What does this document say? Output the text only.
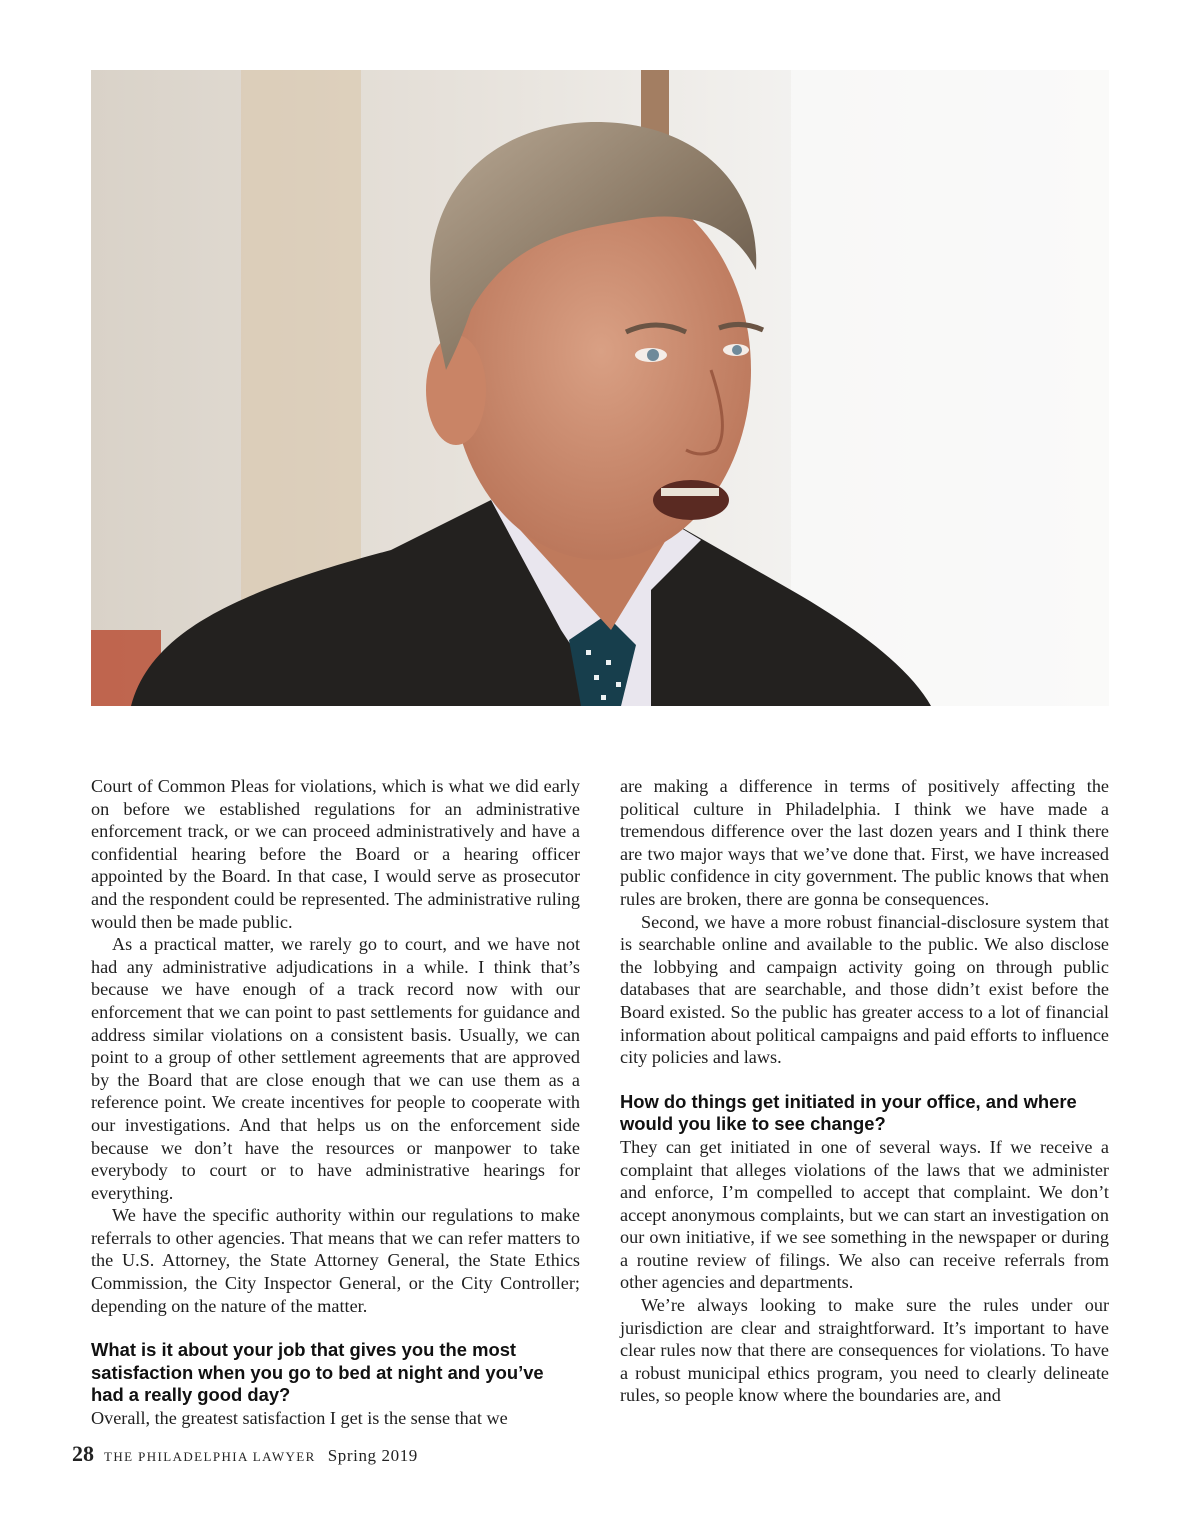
Court of Common Pleas for violations, which is what we did early on before we established regulations for an administrative enforcement track, or we can proceed administratively and have a confidential hearing before the Board or a hearing officer appointed by the Board. In that case, I would serve as prosecutor and the respondent could be represented. The administrative ruling would then be made public.

As a practical matter, we rarely go to court, and we have not had any administrative adjudications in a while. I think that’s because we have enough of a track record now with our enforcement that we can point to past settlements for guidance and address similar violations on a consistent basis. Usually, we can point to a group of other settlement agreements that are approved by the Board that are close enough that we can use them as a reference point. We create incentives for people to cooperate with our investigations. And that helps us on the enforcement side because we don’t have the resources or manpower to take everybody to court or to have administrative hearings for everything.

We have the specific authority within our regulations to make referrals to other agencies. That means that we can refer matters to the U.S. Attorney, the State Attorney General, the State Ethics Commission, the City Inspector General, or the City Controller; depending on the nature of the matter.

What is it about your job that gives you the most satisfaction when you go to bed at night and you’ve had a really good day?

Overall, the greatest satisfaction I get is the sense that we

are making a difference in terms of positively affecting the political culture in Philadelphia. I think we have made a tremendous difference over the last dozen years and I think there are two major ways that we’ve done that. First, we have increased public confidence in city government. The public knows that when rules are broken, there are gonna be consequences.

Second, we have a more robust financial-disclosure system that is searchable online and available to the public. We also disclose the lobbying and campaign activity going on through public databases that are searchable, and those didn’t exist before the Board existed. So the public has greater access to a lot of financial information about political campaigns and paid efforts to influence city policies and laws.

How do things get initiated in your office, and where would you like to see change?

They can get initiated in one of several ways. If we receive a complaint that alleges violations of the laws that we administer and enforce, I’m compelled to accept that complaint. We don’t accept anonymous complaints, but we can start an investigation on our own initiative, if we see something in the newspaper or during a routine review of filings. We also can receive referrals from other agencies and departments.

We’re always looking to make sure the rules under our jurisdiction are clear and straightforward. It’s important to have clear rules now that there are consequences for violations. To have a robust municipal ethics program, you need to clearly delineate rules, so people know where the boundaries are, and

28 THE PHILADELPHIA LAWYER Spring 2019
